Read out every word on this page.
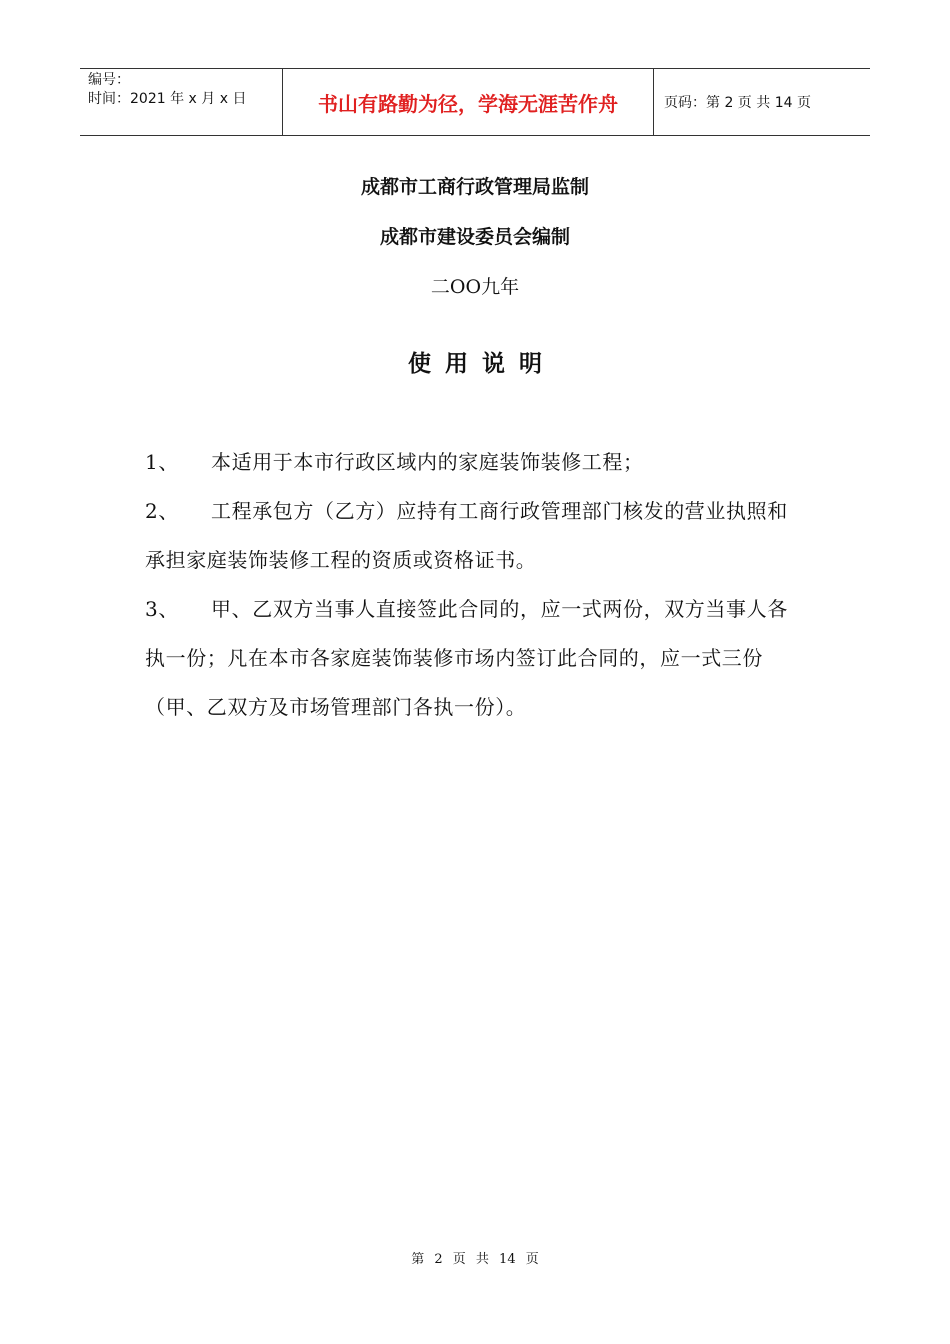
编号：
时间：2021 年 x 月 x 日	书山有路勤为径，学海无涯苦作舟	页码：第 2 页 共 14 页
成都市工商行政管理局监制
成都市建设委员会编制
二OO九年
使用说明

1、 本适用于本市行政区域内的家庭装饰装修工程；

2、 工程承包方（乙方）应持有工商行政管理部门核发的营业执照和承担家庭装饰装修工程的资质或资格证书。

3、 甲、乙双方当事人直接签此合同的，应一式两份，双方当事人各执一份；凡在本市各家庭装饰装修市场内签订此合同的，应一式三份（甲、乙双方及市场管理部门各执一份）。

第 2 页 共 14 页
